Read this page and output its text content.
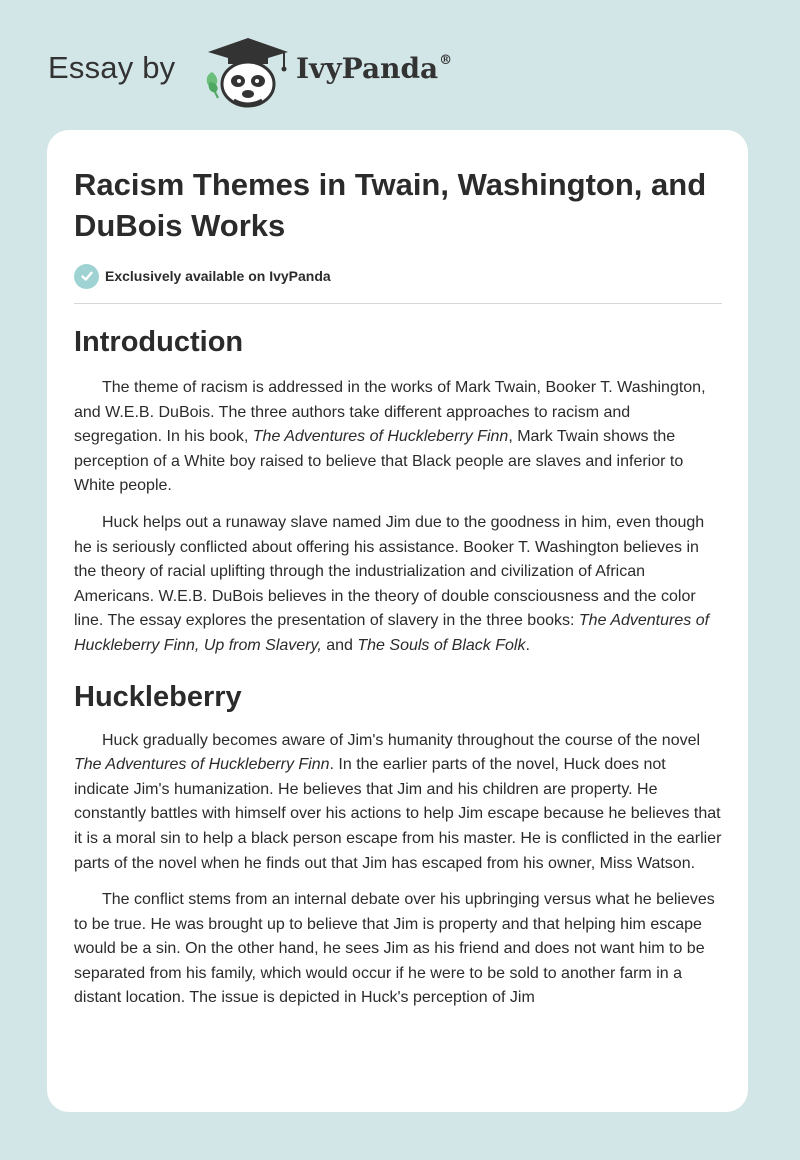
Essay by	IvyPanda®
Racism Themes in Twain, Washington, and DuBois Works
Exclusively available on IvyPanda
Introduction

The theme of racism is addressed in the works of Mark Twain, Booker T. Washington, and W.E.B. DuBois. The three authors take different approaches to racism and segregation. In his book, The Adventures of Huckleberry Finn, Mark Twain shows the perception of a White boy raised to believe that Black people are slaves and inferior to White people.

Huck helps out a runaway slave named Jim due to the goodness in him, even though he is seriously conflicted about offering his assistance. Booker T. Washington believes in the theory of racial uplifting through the industrialization and civilization of African Americans. W.E.B. DuBois believes in the theory of double consciousness and the color line. The essay explores the presentation of slavery in the three books: The Adventures of Huckleberry Finn, Up from Slavery, and The Souls of Black Folk.

Huckleberry

Huck gradually becomes aware of Jim's humanity throughout the course of the novel The Adventures of Huckleberry Finn. In the earlier parts of the novel, Huck does not indicate Jim's humanization. He believes that Jim and his children are property. He constantly battles with himself over his actions to help Jim escape because he believes that it is a moral sin to help a black person escape from his master. He is conflicted in the earlier parts of the novel when he finds out that Jim has escaped from his owner, Miss Watson.

The conflict stems from an internal debate over his upbringing versus what he believes to be true. He was brought up to believe that Jim is property and that helping him escape would be a sin. On the other hand, he sees Jim as his friend and does not want him to be separated from his family, which would occur if he were to be sold to another farm in a distant location. The issue is depicted in Huck's perception of Jim
